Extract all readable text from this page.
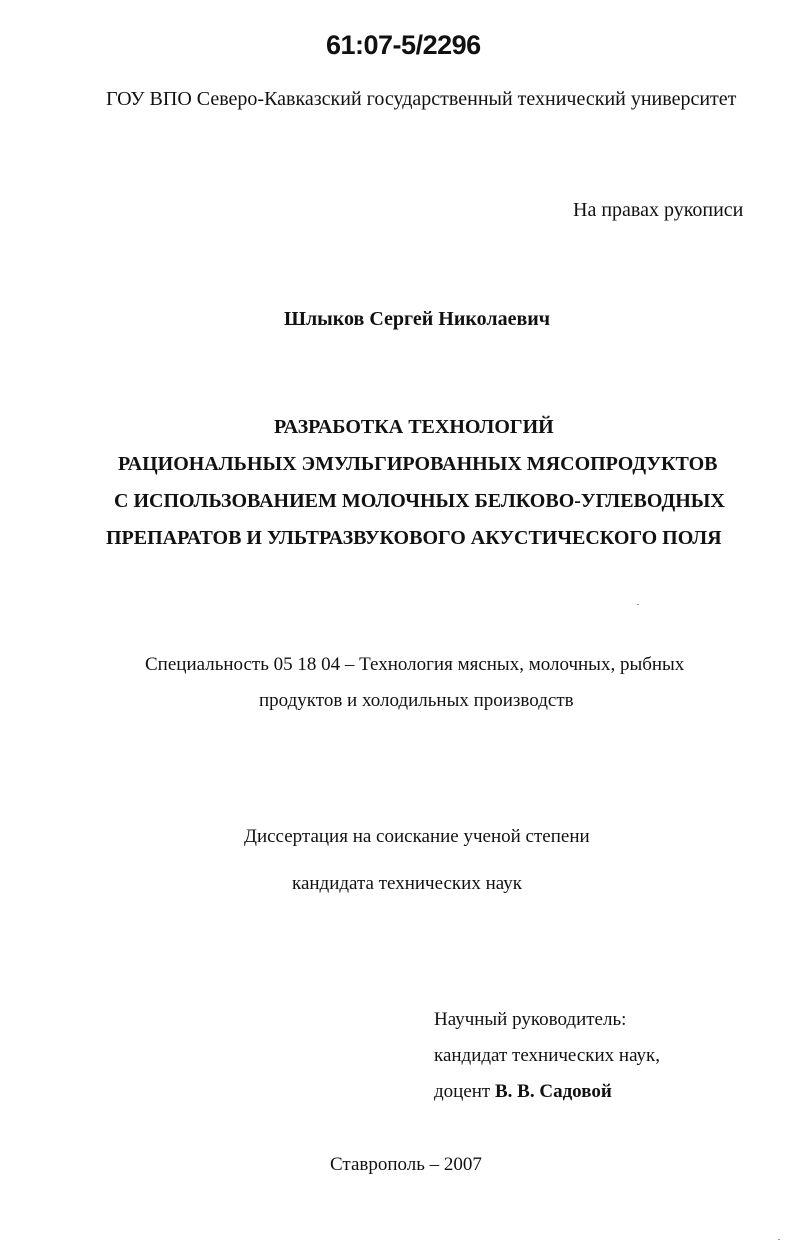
61:07-5/2296
ГОУ ВПО Северо-Кавказский государственный технический университет
На правах рукописи
Шлыков Сергей Николаевич
РАЗРАБОТКА ТЕХНОЛОГИЙ
РАЦИОНАЛЬНЫХ ЭМУЛЬГИРОВАННЫХ МЯСОПРОДУКТОВ
С ИСПОЛЬЗОВАНИЕМ МОЛОЧНЫХ БЕЛКОВО-УГЛЕВОДНЫХ
ПРЕПАРАТОВ И УЛЬТРАЗВУКОВОГО АКУСТИЧЕСКОГО ПОЛЯ
Специальность 05 18 04 – Технология мясных, молочных, рыбных
продуктов и холодильных производств
Диссертация на соискание ученой степени
кандидата технических наук
Научный руководитель:
кандидат технических наук,
доцент В. В. Садовой
Ставрополь – 2007
